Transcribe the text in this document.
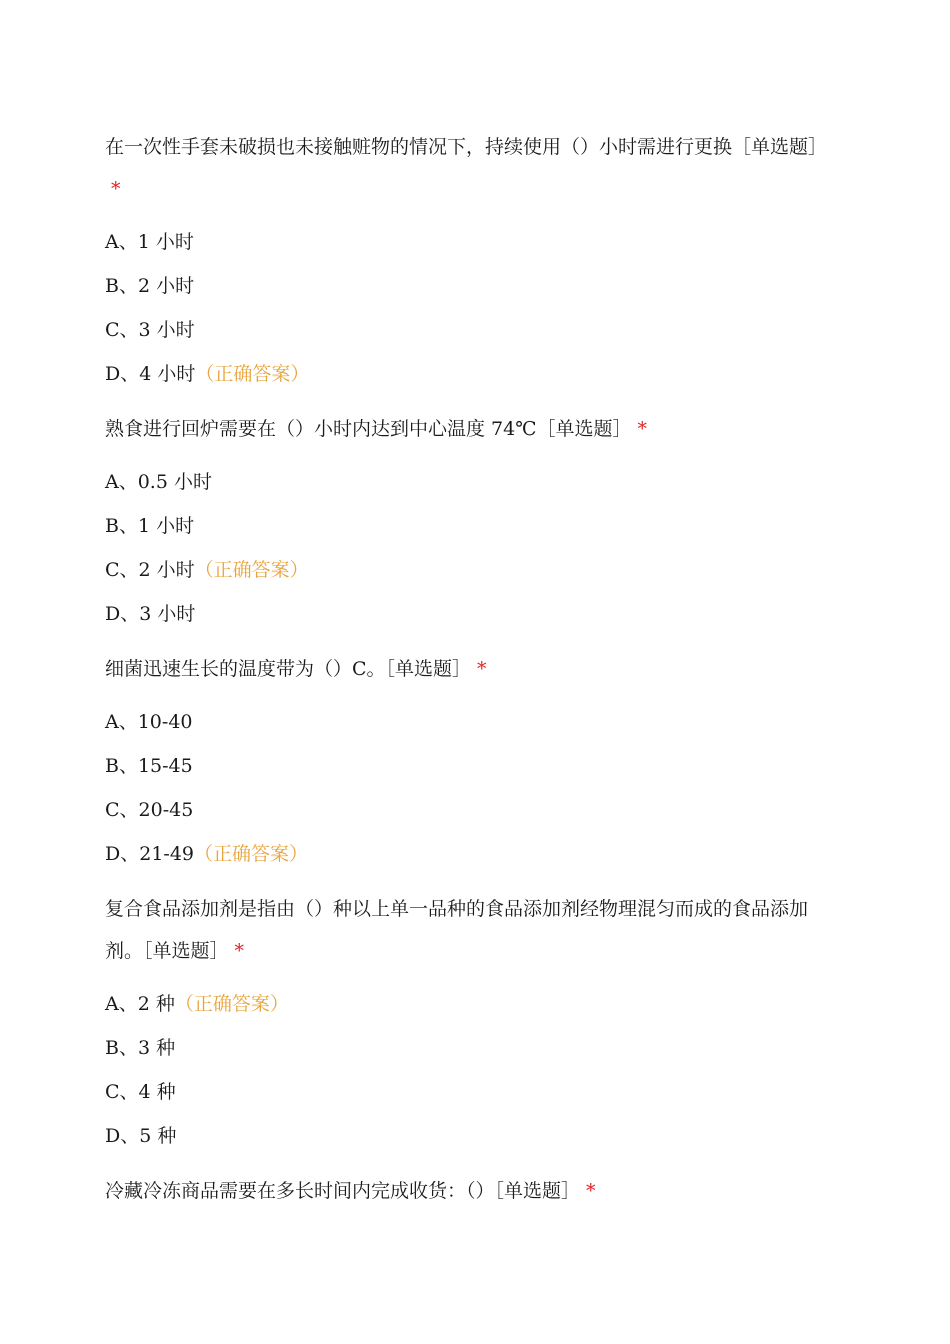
在一次性手套未破损也未接触赃物的情况下，持续使用（）小时需进行更换［单选题］*

A、1 小时
B、2 小时
C、3 小时
D、4 小时（正确答案）

熟食进行回炉需要在（）小时内达到中心温度 74℃［单选题］ *

A、0.5 小时
B、1 小时
C、2 小时（正确答案）
D、3 小时

细菌迅速生长的温度带为（）C。［单选题］ *

A、10-40
B、15-45
C、20-45
D、21-49（正确答案）

复合食品添加剂是指由（）种以上单一品种的食品添加剂经物理混匀而成的食品添加剂。［单选题］ *

A、2 种（正确答案）
B、3 种
C、4 种
D、5 种

冷藏冷冻商品需要在多长时间内完成收货：（）［单选题］ *
